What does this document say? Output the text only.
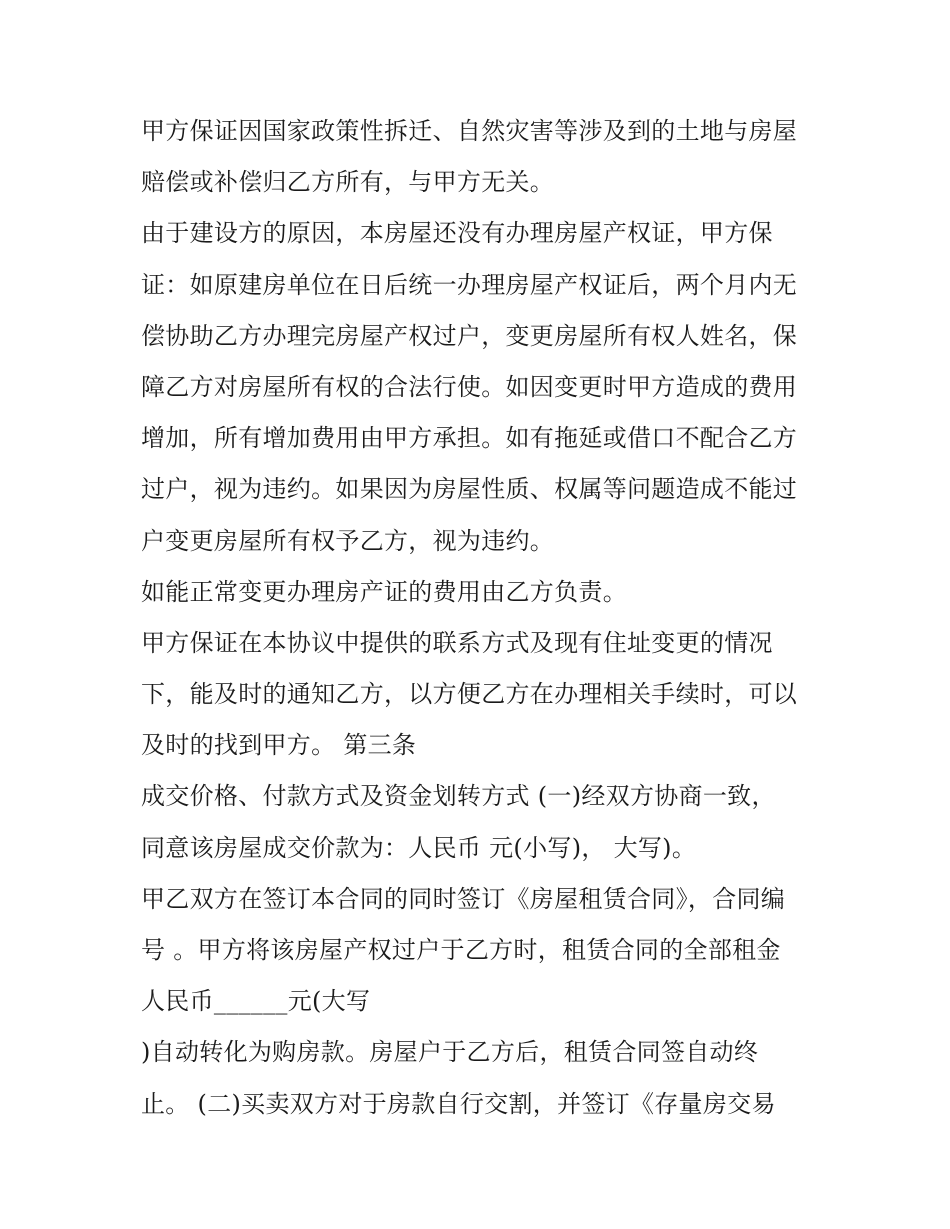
甲方保证因国家政策性拆迁、自然灾害等涉及到的土地与房屋
赔偿或补偿归乙方所有，与甲方无关。
由于建设方的原因，本房屋还没有办理房屋产权证，甲方保
证：如原建房单位在日后统一办理房屋产权证后，两个月内无
偿协助乙方办理完房屋产权过户，变更房屋所有权人姓名，保
障乙方对房屋所有权的合法行使。如因变更时甲方造成的费用
增加，所有增加费用由甲方承担。如有拖延或借口不配合乙方
过户，视为违约。如果因为房屋性质、权属等问题造成不能过
户变更房屋所有权予乙方，视为违约。
如能正常变更办理房产证的费用由乙方负责。
甲方保证在本协议中提供的联系方式及现有住址变更的情况
下，能及时的通知乙方，以方便乙方在办理相关手续时，可以
及时的找到甲方。 第三条
成交价格、付款方式及资金划转方式 (一)经双方协商一致，
同意该房屋成交价款为：人民币 元(小写)， 大写)。
甲乙双方在签订本合同的同时签订《房屋租赁合同》，合同编
号 。甲方将该房屋产权过户于乙方时，租赁合同的全部租金
人民币______元(大写
)自动转化为购房款。房屋户于乙方后，租赁合同签自动终
止。 (二)买卖双方对于房款自行交割，并签订《存量房交易
